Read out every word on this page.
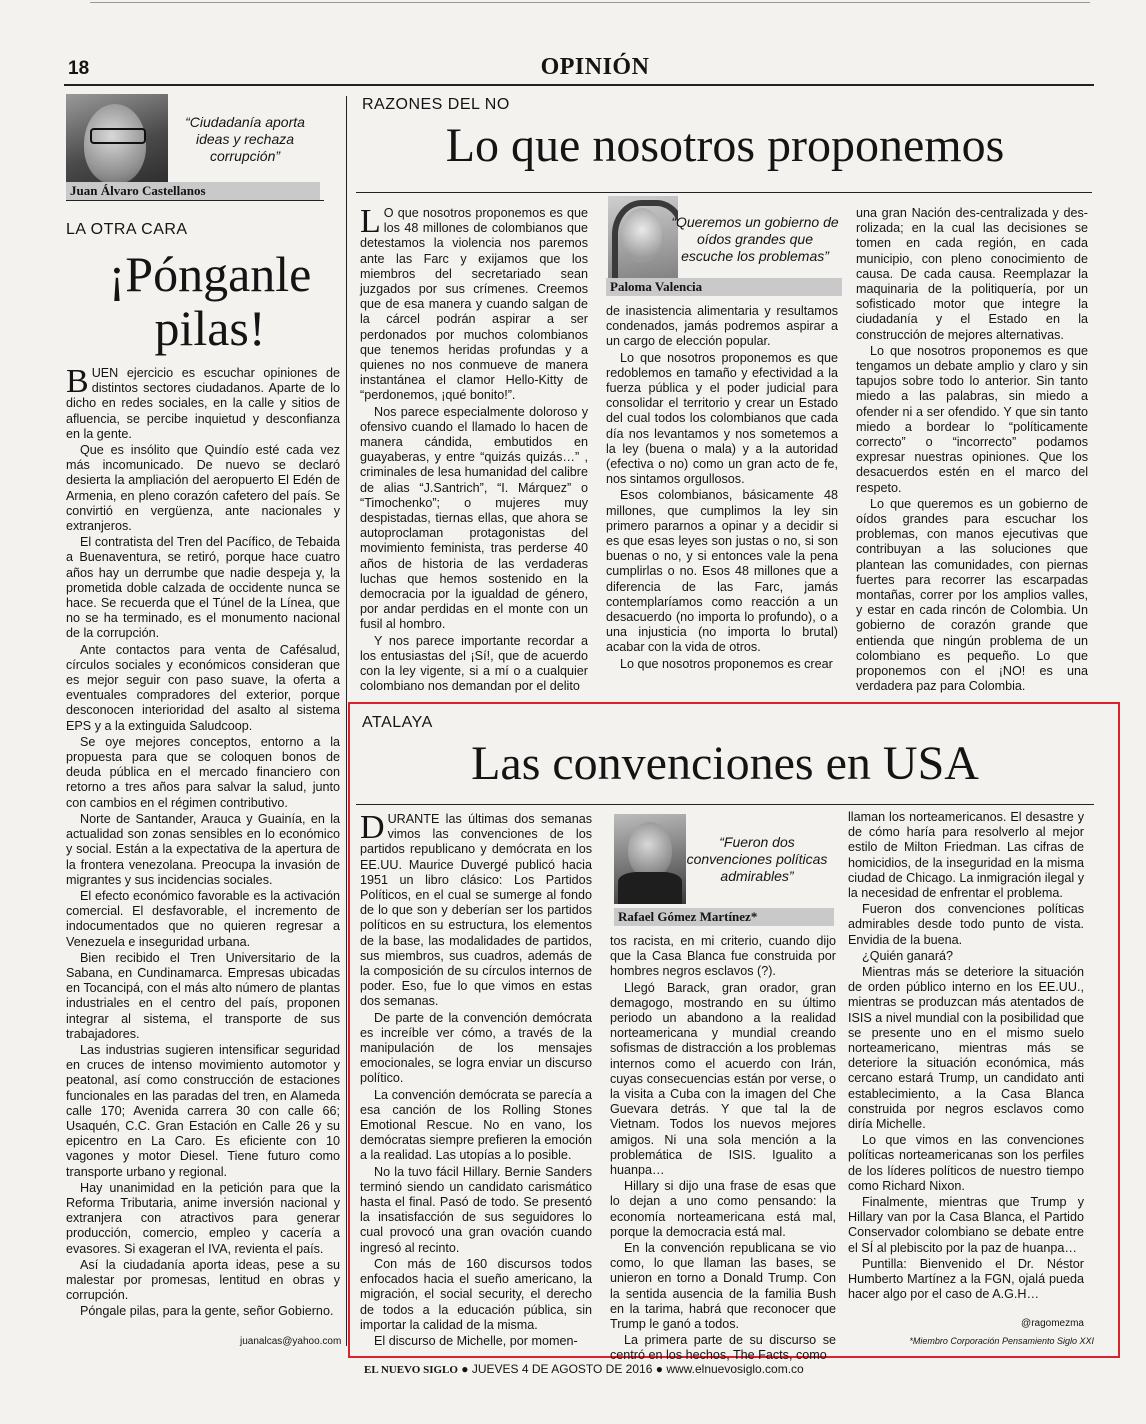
18	OPINIÓN
“Ciudadanía aporta ideas y rechaza corrupción”
Juan Álvaro Castellanos
LA OTRA CARA
¡Pónganle
pilas!

BUEN ejercicio es escuchar opiniones de distintos sectores ciudadanos. Aparte de lo dicho en redes sociales, en la calle y sitios de afluencia, se percibe inquietud y desconfianza en la gente.

Que es insólito que Quindío esté cada vez más incomunicado. De nuevo se declaró desierta la ampliación del aeropuerto El Edén de Armenia, en pleno corazón cafetero del país. Se convirtió en vergüenza, ante nacionales y extranjeros.

El contratista del Tren del Pacífico, de Tebaida a Buenaventura, se retiró, porque hace cuatro años hay un derrumbe que nadie despeja y, la prometida doble calzada de occidente nunca se hace. Se recuerda que el Túnel de la Línea, que no se ha terminado, es el monumento nacional de la corrupción.

Ante contactos para venta de Cafésalud, círculos sociales y económicos consideran que es mejor seguir con paso suave, la oferta a eventuales compradores del exterior, porque desconocen interioridad del asalto al sistema EPS y a la extinguida Saludcoop.

Se oye mejores conceptos, entorno a la propuesta para que se coloquen bonos de deuda pública en el mercado financiero con retorno a tres años para salvar la salud, junto con cambios en el régimen contributivo.

Norte de Santander, Arauca y Guainía, en la actualidad son zonas sensibles en lo económico y social. Están a la expectativa de la apertura de la frontera venezolana. Preocupa la invasión de migrantes y sus incidencias sociales.

El efecto económico favorable es la activación comercial. El desfavorable, el incremento de indocumentados que no quieren regresar a Venezuela e inseguridad urbana.

Bien recibido el Tren Universitario de la Sabana, en Cundinamarca. Empresas ubicadas en Tocancipá, con el más alto número de plantas industriales en el centro del país, proponen integrar al sistema, el transporte de sus trabajadores.

Las industrias sugieren intensificar seguridad en cruces de intenso movimiento automotor y peatonal, así como construcción de estaciones funcionales en las paradas del tren, en Alameda calle 170; Avenida carrera 30 con calle 66; Usaquén, C.C. Gran Estación en Calle 26 y su epicentro en La Caro. Es eficiente con 10 vagones y motor Diesel. Tiene futuro como transporte urbano y regional.

Hay unanimidad en la petición para que la Reforma Tributaria, anime inversión nacional y extranjera con atractivos para generar producción, comercio, empleo y cacería a evasores. Si exageran el IVA, revienta el país.

Así la ciudadanía aporta ideas, pese a su malestar por promesas, lentitud en obras y corrupción.

Póngale pilas, para la gente, señor Gobierno.

juanalcas@yahoo.com
RAZONES DEL NO
Lo que nosotros proponemos

L O que nosotros proponemos es que los 48 millones de colombianos que detestamos la violencia nos paremos ante las Farc y exijamos que los miembros del secretariado sean juzgados por sus crímenes. Creemos que de esa manera y cuando salgan de la cárcel podrán aspirar a ser perdonados por muchos colombianos que tenemos heridas profundas y a quienes no nos conmueve de manera instantánea el clamor Hello-Kitty de “perdonemos, ¡qué bonito!”.

Nos parece especialmente doloroso y ofensivo cuando el llamado lo hacen de manera cándida, embutidos en guayaberas, y entre “quizás quizás…” , criminales de lesa humanidad del calibre de alias “J.Santrich”, “I. Márquez” o “Timochenko”; o mujeres muy despistadas, tiernas ellas, que ahora se autoproclaman protagonistas del movimiento feminista, tras perderse 40 años de historia de las verdaderas luchas que hemos sostenido en la democracia por la igualdad de género, por andar perdidas en el monte con un fusil al hombro.

Y nos parece importante recordar a los entusiastas del ¡Sí!, que de acuerdo con la ley vigente, si a mí o a cualquier colombiano nos demandan por el delito

“Queremos un gobierno de oídos grandes que escuche los problemas”
Paloma Valencia

de inasistencia alimentaria y resultamos condenados, jamás podremos aspirar a un cargo de elección popular.

Lo que nosotros proponemos es que redoblemos en tamaño y efectividad a la fuerza pública y el poder judicial para consolidar el territorio y crear un Estado del cual todos los colombianos que cada día nos levantamos y nos sometemos a la ley (buena o mala) y a la autoridad (efectiva o no) como un gran acto de fe, nos sintamos orgullosos.

Esos colombianos, básicamente 48 millones, que cumplimos la ley sin primero pararnos a opinar y a decidir si es que esas leyes son justas o no, si son buenas o no, y si entonces vale la pena cumplirlas o no. Esos 48 millones que a diferencia de las Farc, jamás contemplaríamos como reacción a un desacuerdo (no importa lo profundo), o a una injusticia (no importa lo brutal) acabar con la vida de otros.

Lo que nosotros proponemos es crear

una gran Nación des-centralizada y des-rolizada; en la cual las decisiones se tomen en cada región, en cada municipio, con pleno conocimiento de causa. De cada causa. Reemplazar la maquinaria de la politiquería, por un sofisticado motor que integre la ciudadanía y el Estado en la construcción de mejores alternativas.

Lo que nosotros proponemos es que tengamos un debate amplio y claro y sin tapujos sobre todo lo anterior. Sin tanto miedo a las palabras, sin miedo a ofender ni a ser ofendido. Y que sin tanto miedo a bordear lo “políticamente correcto” o “incorrecto” podamos expresar nuestras opiniones. Que los desacuerdos estén en el marco del respeto.

Lo que queremos es un gobierno de oídos grandes para escuchar los problemas, con manos ejecutivas que contribuyan a las soluciones que plantean las comunidades, con piernas fuertes para recorrer las escarpadas montañas, correr por los amplios valles, y estar en cada rincón de Colombia. Un gobierno de corazón grande que entienda que ningún problema de un colombiano es pequeño. Lo que proponemos con el ¡NO! es una verdadera paz para Colombia.

ATALAYA
Las convenciones en USA

DURANTE las últimas dos semanas vimos las convenciones de los partidos republicano y demócrata en los EE.UU. Maurice Duvergé publicó hacia 1951 un libro clásico: Los Partidos Políticos, en el cual se sumerge al fondo de lo que son y deberían ser los partidos políticos en su estructura, los elementos de la base, las modalidades de partidos, sus miembros, sus cuadros, además de la composición de su círculos internos de poder. Eso, fue lo que vimos en estas dos semanas.

De parte de la convención demócrata es increíble ver cómo, a través de la manipulación de los mensajes emocionales, se logra enviar un discurso político.

La convención demócrata se parecía a esa canción de los Rolling Stones Emotional Rescue. No en vano, los demócratas siempre prefieren la emoción a la realidad. Las utopías a lo posible.

No la tuvo fácil Hillary. Bernie Sanders terminó siendo un candidato carismático hasta el final. Pasó de todo. Se presentó la insatisfacción de sus seguidores lo cual provocó una gran ovación cuando ingresó al recinto.

Con más de 160 discursos todos enfocados hacia el sueño americano, la migración, el social security, el derecho de todos a la educación pública, sin importar la calidad de la misma.

El discurso de Michelle, por momen-

“Fueron dos convenciones políticas admirables”
Rafael Gómez Martínez*

tos racista, en mi criterio, cuando dijo que la Casa Blanca fue construida por hombres negros esclavos (?).

Llegó Barack, gran orador, gran demagogo, mostrando en su último periodo un abandono a la realidad norteamericana y mundial creando sofismas de distracción a los problemas internos como el acuerdo con Irán, cuyas consecuencias están por verse, o la visita a Cuba con la imagen del Che Guevara detrás. Y que tal la de Vietnam. Todos los nuevos mejores amigos. Ni una sola mención a la problemática de ISIS. Igualito a huanpa…

Hillary si dijo una frase de esas que lo dejan a uno como pensando: la economía norteamericana está mal, porque la democracia está mal.

En la convención republicana se vio como, lo que llaman las bases, se unieron en torno a Donald Trump. Con la sentida ausencia de la familia Bush en la tarima, habrá que reconocer que Trump le ganó a todos.

La primera parte de su discurso se centró en los hechos, The Facts, como

llaman los norteamericanos. El desastre y de cómo haría para resolverlo al mejor estilo de Milton Friedman. Las cifras de homicidios, de la inseguridad en la misma ciudad de Chicago. La inmigración ilegal y la necesidad de enfrentar el problema.

Fueron dos convenciones políticas admirables desde todo punto de vista. Envidia de la buena.

¿Quién ganará?

Mientras más se deteriore la situación de orden público interno en los EE.UU., mientras se produzcan más atentados de ISIS a nivel mundial con la posibilidad que se presente uno en el mismo suelo norteamericano, mientras más se deteriore la situación económica, más cercano estará Trump, un candidato anti establecimiento, a la Casa Blanca construida por negros esclavos como diría Michelle.

Lo que vimos en las convenciones políticas norteamericanas son los perfiles de los líderes políticos de nuestro tiempo como Richard Nixon.

Finalmente, mientras que Trump y Hillary van por la Casa Blanca, el Partido Conservador colombiano se debate entre el SÍ al plebiscito por la paz de huanpa…

Puntilla: Bienvenido el Dr. Néstor Humberto Martínez a la FGN, ojalá pueda hacer algo por el caso de A.G.H…

@ragomezma
*Miembro Corporación Pensamiento Siglo XXI
EL NUEVO SIGLO ● JUEVES 4 DE AGOSTO DE 2016 ● www.elnuevosiglo.com.co
